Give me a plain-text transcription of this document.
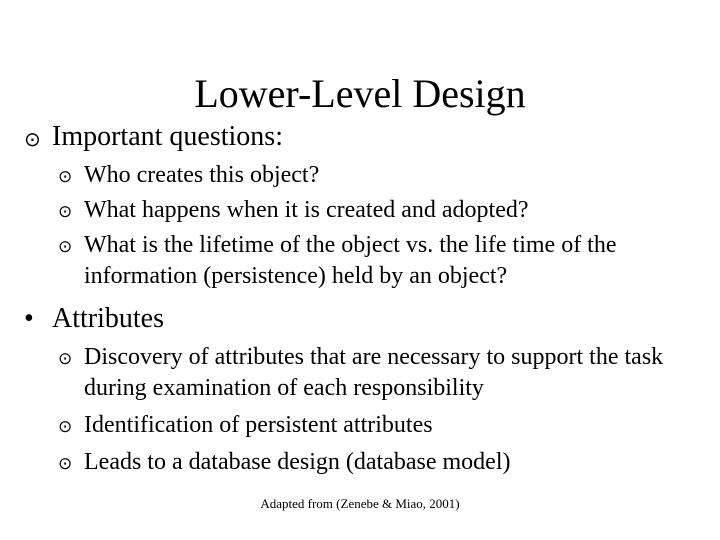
Lower-Level Design
⊙ Important questions:
⊙ Who creates this object?
⊙ What happens when it is created and adopted?
⊙ What is the lifetime of the object vs. the life time of the information (persistence) held by an object?
• Attributes
⊙ Discovery of attributes that are necessary to support the task during examination of each responsibility
⊙ Identification of persistent attributes
⊙ Leads to a database design (database model)
Adapted from (Zenebe & Miao, 2001)
